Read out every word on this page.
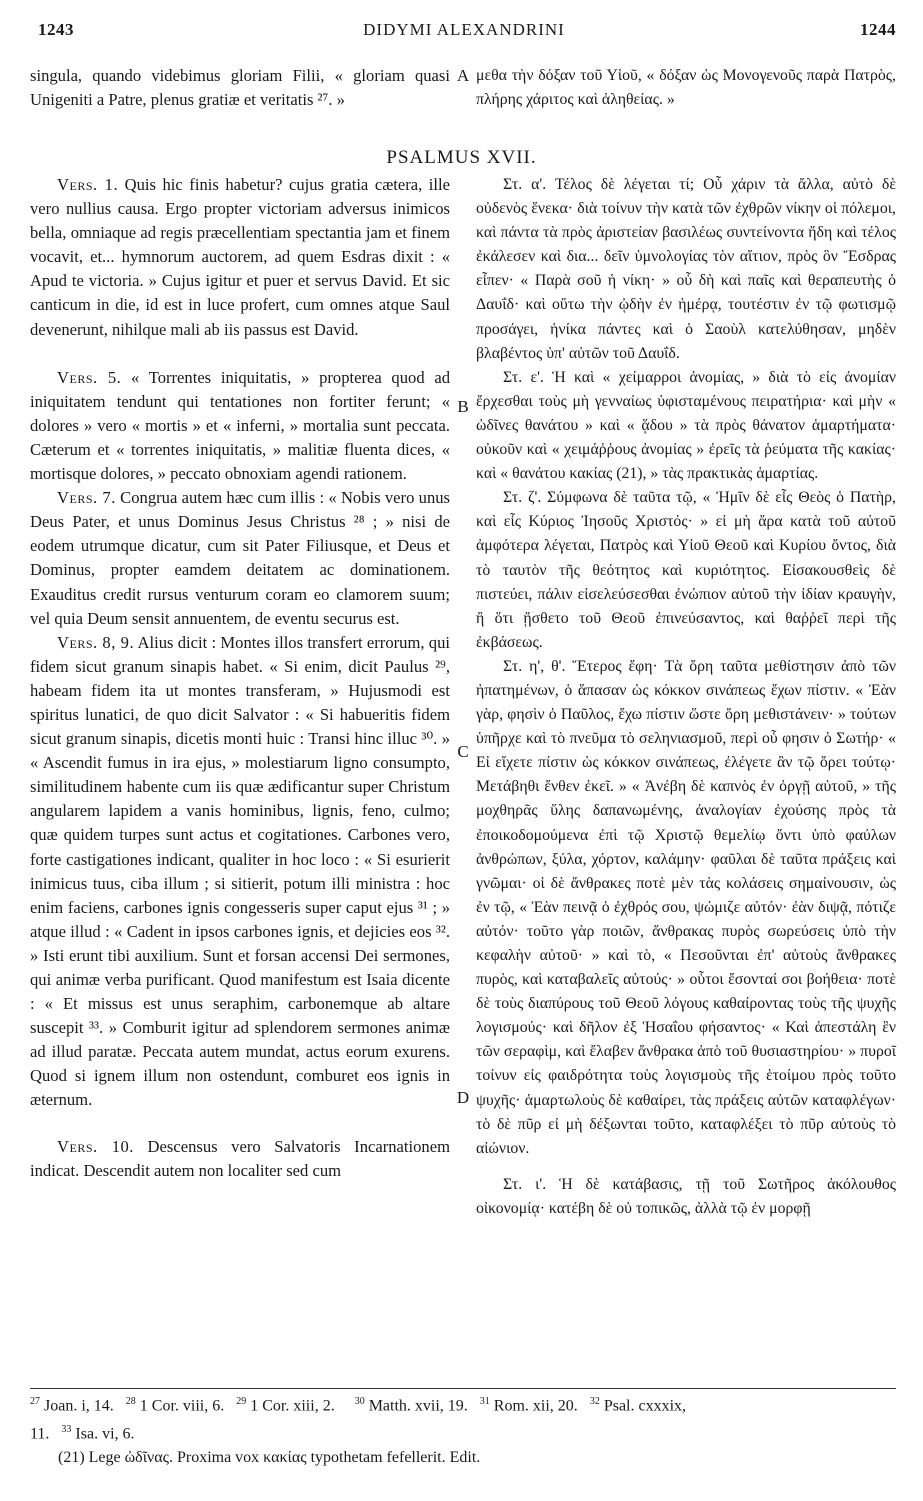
1243	DIDYMI ALEXANDRINI	1244

singula, quando videbimus gloriam Filii, « gloriam quasi Unigeniti a Patre, plenus gratiæ et veritatis ²⁷. »

A μεθα τὴν δόξαν τοῦ Υἱοῦ, « δόξαν ὡς Μονογενοῦς παρὰ Πατρὸς, πλήρης χάριτος καὶ ἀληθείας. »

PSALMUS XVII.

Vers. 1. Quis hic finis habetur? cujus gratia cætera, ille vero nullius causa. Ergo propter victoriam adversus inimicos bella, omniaque ad regis præcellentiam spectantia jam et finem vocavit, et... hymnorum auctorem, ad quem Esdras dixit : « Apud te victoria. » Cujus igitur et puer et servus David. Et sic canticum in die, id est in luce profert, cum omnes atque Saul devenerunt, nihilque mali ab iis passus est David.

Vers. 5. « Torrentes iniquitatis, » propterea quod ad iniquitatem tendunt qui tentationes non fortiter ferunt; « dolores » vero « mortis » et « inferni, » mortalia sunt peccata. Cæterum et « torrentes iniquitatis, » malitiæ fluenta dices, « mortisque dolores, » peccato obnoxiam agendi rationem.

Vers. 7. Congrua autem hæc cum illis : « Nobis vero unus Deus Pater, et unus Dominus Jesus Christus ²⁸ ; » nisi de eodem utrumque dicatur, cum sit Pater Filiusque, et Deus et Dominus, propter eamdem deitatem ac dominationem. Exauditus credit rursus venturum coram eo clamorem suum; vel quia Deum sensit annuentem, de eventu securus est.

Vers. 8, 9. Alius dicit : Montes illos transfert errorum, qui fidem sicut granum sinapis habet. « Si enim, dicit Paulus ²⁹, habeam fidem ita ut montes transferam, » Hujusmodi est spiritus lunatici, de quo dicit Salvator : « Si habueritis fidem sicut granum sinapis, dicetis monti huic : Transi hinc illuc ³⁰. » « Ascendit fumus in ira ejus, » molestiarum ligno consumpto, similitudinem habente cum iis quæ ædificantur super Christum angularem lapidem a vanis hominibus, lignis, feno, culmo; quæ quidem turpes sunt actus et cogitationes. Carbones vero, forte castigationes indicant, qualiter in hoc loco : « Si esurierit inimicus tuus, ciba illum ; si sitierit, potum illi ministra : hoc enim faciens, carbones ignis congesseris super caput ejus ³¹ ; » atque illud : « Cadent in ipsos carbones ignis, et dejicies eos ³². » Isti erunt tibi auxilium. Sunt et forsan accensi Dei sermones, qui animæ verba purificant. Quod manifestum est Isaia dicente : « Et missus est unus seraphim, carbonemque ab altare suscepit ³³. » Comburit igitur ad splendorem sermones animæ ad illud paratæ. Peccata autem mundat, actus eorum exurens. Quod si ignem illum non ostendunt, comburet eos ignis in æternum.

Vers. 10. Descensus vero Salvatoris Incarnationem indicat. Descendit autem non localiter sed cum

B
C
D

Στ. α'. Τέλος δὲ λέγεται τί; Οὗ χάριν τὰ ἄλλα, αὐτὸ δὲ οὐδενὸς ἕνεκα· διὰ τοίνυν τὴν κατὰ τῶν ἐχθρῶν νίκην οἱ πόλεμοι, καὶ πάντα τὰ πρὸς ἀριστείαν βασιλέως συντείνοντα ἤδη καὶ τέλος ἐκάλεσεν καὶ δια... δεῖν ὑμνολογίας τὸν αἴτιον, πρὸς ὃν Ἔσδρας εἶπεν· « Παρὰ σοῦ ἡ νίκη· » οὗ δὴ καὶ παῖς καὶ θεραπευτὴς ὁ Δαυΐδ· καὶ οὕτω τὴν ᾠδὴν ἐν ἡμέρᾳ, τουτέστιν ἐν τῷ φωτισμῷ προσάγει, ἡνίκα πάντες καὶ ὁ Σαοὺλ κατελύθησαν, μηδὲν βλαβέντος ὑπ' αὐτῶν τοῦ Δαυΐδ.

Στ. ε'. Ἡ καὶ « χείμαρροι ἀνομίας, » διὰ τὸ εἰς ἀνομίαν ἔρχεσθαι τοὺς μὴ γενναίως ὑφισταμένους πειρατήρια· καὶ μὴν « ὠδῖνες θανάτου » καὶ « ᾅδου » τὰ πρὸς θάνατον ἁμαρτήματα· οὐκοῦν καὶ « χειμάῤῥους ἀνομίας » ἐρεῖς τὰ ῥεύματα τῆς κακίας· καὶ « θανάτου κακίας (21), » τὰς πρακτικὰς ἁμαρτίας.

Στ. ζ'. Σύμφωνα δὲ ταῦτα τῷ, « Ἡμῖν δὲ εἷς Θεὸς ὁ Πατὴρ, καὶ εἷς Κύριος Ἰησοῦς Χριστός· » εἰ μὴ ἄρα κατὰ τοῦ αὐτοῦ ἀμφότερα λέγεται, Πατρὸς καὶ Υἱοῦ Θεοῦ καὶ Κυρίου ὄντος, διὰ τὸ ταυτὸν τῆς θεότητος καὶ κυριότητος. Εἰσακουσθεὶς δὲ πιστεύει, πάλιν εἰσελεύσεσθαι ἐνώπιον αὐτοῦ τὴν ἰδίαν κραυγὴν, ἢ ὅτι ᾔσθετο τοῦ Θεοῦ ἐπινεύσαντος, καὶ θαῤῥεῖ περὶ τῆς ἐκβάσεως.

Στ. η', θ'. Ἕτερος ἔφη· Τὰ ὄρη ταῦτα μεθίστησιν ἀπὸ τῶν ἠπατημένων, ὁ ἅπασαν ὡς κόκκον σινάπεως ἔχων πίστιν. « Ἐὰν γὰρ, φησὶν ὁ Παῦλος, ἔχω πίστιν ὥστε ὄρη μεθιστάνειν· » τούτων ὑπῆρχε καὶ τὸ πνεῦμα τὸ σεληνιασμοῦ, περὶ οὗ φησιν ὁ Σωτήρ· « Εἰ εἴχετε πίστιν ὡς κόκκον σινάπεως, ἐλέγετε ἂν τῷ ὄρει τούτῳ· Μετάβηθι ἔνθεν ἐκεῖ. » « Ἀνέβη δὲ καπνὸς ἐν ὀργῇ αὐτοῦ, » τῆς μοχθηρᾶς ὕλης δαπανωμένης, ἀναλογίαν ἐχούσης πρὸς τὰ ἐποικοδομούμενα ἐπὶ τῷ Χριστῷ θεμελίῳ ὄντι ὑπὸ φαύλων ἀνθρώπων, ξύλα, χόρτον, καλάμην· φαῦλαι δὲ ταῦτα πράξεις καὶ γνῶμαι· οἱ δὲ ἄνθρακες ποτὲ μὲν τὰς κολάσεις σημαίνουσιν, ὡς ἐν τῷ, « Ἐὰν πεινᾷ ὁ ἐχθρός σου, ψώμιζε αὐτόν· ἐὰν διψᾷ, πότιζε αὐτόν· τοῦτο γὰρ ποιῶν, ἄνθρακας πυρὸς σωρεύσεις ὑπὸ τὴν κεφαλὴν αὐτοῦ· » καὶ τὸ, « Πεσοῦνται ἐπ' αὐτοὺς ἄνθρακες πυρὸς, καὶ καταβαλεῖς αὐτούς· » οὗτοι ἔσονταί σοι βοήθεια· ποτὲ δὲ τοὺς διαπύρους τοῦ Θεοῦ λόγους καθαίροντας τοὺς τῆς ψυχῆς λογισμούς· καὶ δῆλον ἐξ Ἡσαΐου φήσαντος· « Καὶ ἀπεστάλη ἓν τῶν σεραφὶμ, καὶ ἔλαβεν ἄνθρακα ἀπὸ τοῦ θυσιαστηρίου· » πυροῖ τοίνυν εἰς φαιδρότητα τοὺς λογισμοὺς τῆς ἑτοίμου πρὸς τοῦτο ψυχῆς· ἁμαρτωλοὺς δὲ καθαίρει, τὰς πράξεις αὐτῶν καταφλέγων· τὸ δὲ πῦρ εἰ μὴ δέξωνται τοῦτο, καταφλέξει τὸ πῦρ αὐτοὺς τὸ αἰώνιον.

Στ. ι'. Ἡ δὲ κατάβασις, τῇ τοῦ Σωτῆρος ἀκόλουθος οἰκονομίᾳ· κατέβη δὲ οὐ τοπικῶς, ἀλλὰ τῷ ἐν μορφῇ

$^{27}$ Joan. i, 14. $^{28}$ 1 Cor. viii, 6. $^{29}$ 1 Cor. xiii, 2. $^{30}$ Matth. xvii, 19. $^{31}$ Rom. xii, 20. $^{32}$ Psal. cxxxix,
11. $^{33}$ Isa. vi, 6.
(21) Lege ὠδῖνας. Proxima vox κακίας typothetam fefellerit. Edit.
